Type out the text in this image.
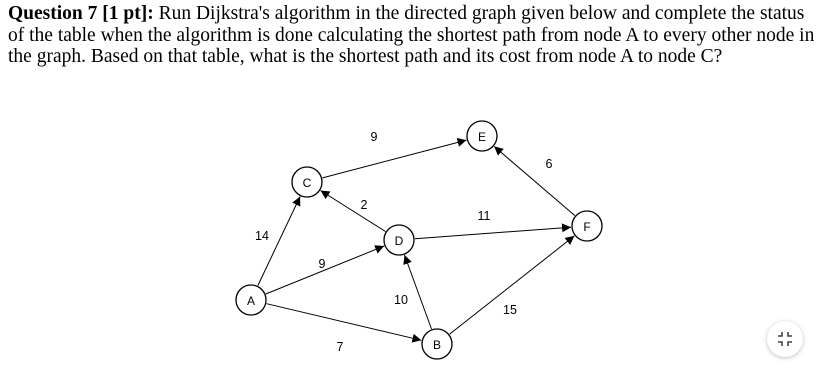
Question 7 [1 pt]: Run Dijkstra's algorithm in the directed graph given below and complete the status of the table when the algorithm is done calculating the shortest path from node A to every other node in the graph. Based on that table, what is the shortest path and its cost from node A to node C?
14
9
7
2
9
11
10
15
6
A
B
C
D
E
F
